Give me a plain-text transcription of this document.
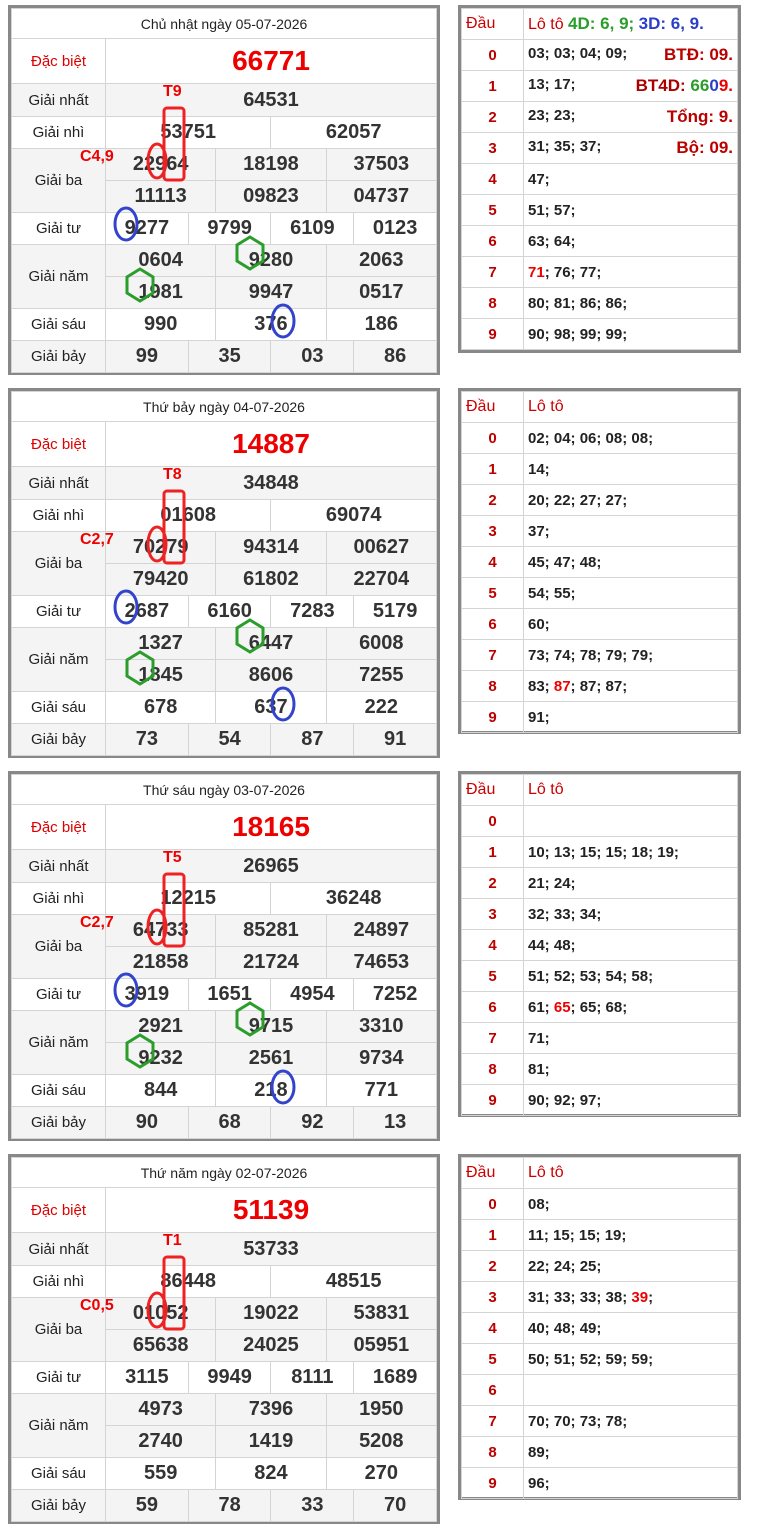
Chủ nhật ngày 05-07-2026						
Đặc biệt	66771					
Giải nhất	64531					
Giải nhì	53751			62057		
Giải ba	22964		18198		37503	
	11113		09823		04737	
Giải tư	9277	9799		6109		0123
Giải năm	0604		9280		2063	
	1981		9947		0517	
Giải sáu	990		376		186	
Giải bảy	99	35		03		86
T9
C4,9
Đầu	Lô tô 4D: 6, 9; 3D: 6, 9.
0	03; 03; 04; 09; BTĐ: 09.

1	13; 17; BT4D: 6609.

2	23; 23; Tổng: 9.

3	31; 35; 37; Bộ: 09.

4	47;
5	51; 57;
6	63; 64;
7	71; 76; 77;
8	80; 81; 86; 86;
9	90; 98; 99; 99;
Thứ bảy ngày 04-07-2026						
Đặc biệt	14887					
Giải nhất	34848					
Giải nhì	01608			69074		
Giải ba	70279		94314		00627	
	79420		61802		22704	
Giải tư	2687	6160		7283		5179
Giải năm	1327		6447		6008	
	1845		8606		7255	
Giải sáu	678		637		222	
Giải bảy	73	54		87		91
T8
C2,7
Đầu	Lô tô
0	02; 04; 06; 08; 08;
1	14;
2	20; 22; 27; 27;
3	37;
4	45; 47; 48;
5	54; 55;
6	60;
7	73; 74; 78; 79; 79;
8	83; 87; 87; 87;
9	91;
Thứ sáu ngày 03-07-2026						
Đặc biệt	18165					
Giải nhất	26965					
Giải nhì	12215			36248		
Giải ba	64733		85281		24897	
	21858		21724		74653	
Giải tư	3919	1651		4954		7252
Giải năm	2921		9715		3310	
	9232		2561		9734	
Giải sáu	844		218		771	
Giải bảy	90	68		92		13
T5
C2,7
Đầu	Lô tô
0	
1	10; 13; 15; 15; 18; 19;
2	21; 24;
3	32; 33; 34;
4	44; 48;
5	51; 52; 53; 54; 58;
6	61; 65; 65; 68;
7	71;
8	81;
9	90; 92; 97;
Thứ năm ngày 02-07-2026						
Đặc biệt	51139					
Giải nhất	53733					
Giải nhì	86448			48515		
Giải ba	01052		19022		53831	
	65638		24025		05951	
Giải tư	3115	9949		8111		1689
Giải năm	4973		7396		1950	
	2740		1419		5208	
Giải sáu	559		824		270	
Giải bảy	59	78		33		70
T1
C0,5
Đầu	Lô tô
0	08;
1	11; 15; 15; 19;
2	22; 24; 25;
3	31; 33; 33; 38; 39;
4	40; 48; 49;
5	50; 51; 52; 59; 59;
6	
7	70; 70; 73; 78;
8	89;
9	96;
